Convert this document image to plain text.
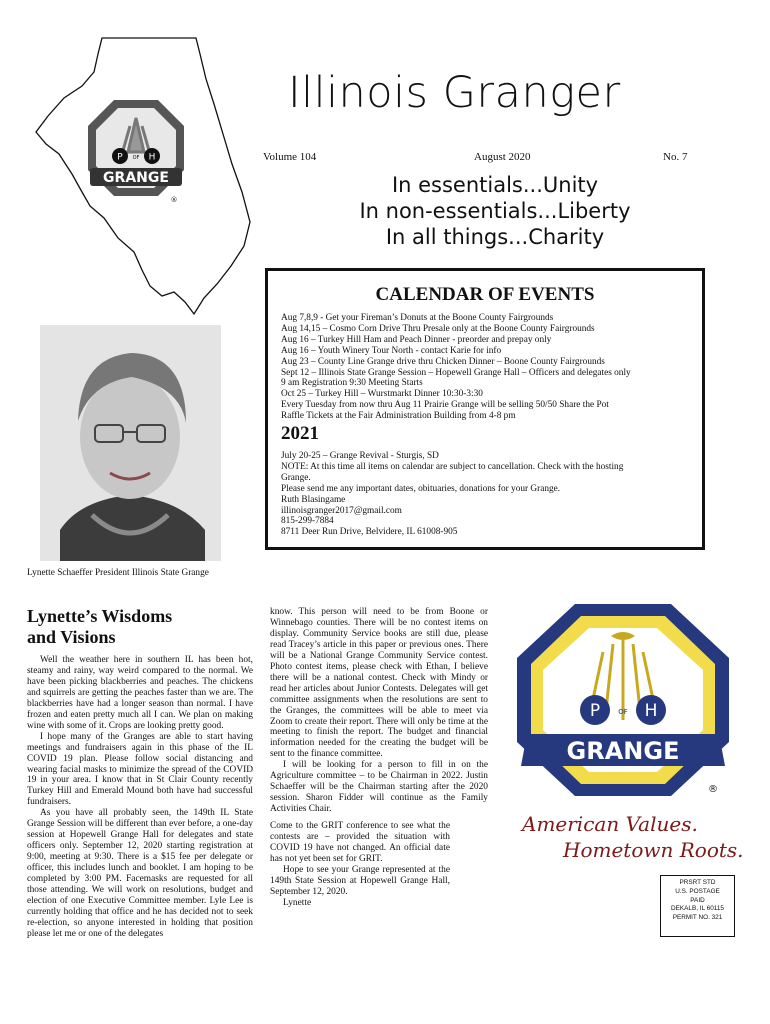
P OF H
GRANGE
®
Illinois Granger
Volume 104	August 2020	No. 7
In essentials...Unity
In non-essentials...Liberty
In all things...Charity
CALENDAR OF EVENTS
Aug 7,8,9 - Get your Fireman’s Donuts at the Boone County Fairgrounds
Aug 14,15 – Cosmo Corn Drive Thru Presale only at the Boone County Fairgrounds
Aug 16 – Turkey Hill Ham and Peach Dinner - preorder and prepay only
Aug 16 – Youth Winery Tour North - contact Karie for info
Aug 23 – County Line Grange drive thru Chicken Dinner – Boone County Fairgrounds
Sept 12 – Illinois State Grange Session – Hopewell Grange Hall – Officers and delegates only
9 am Registration 9:30 Meeting Starts
Oct 25 – Turkey Hill – Wurstmarkt Dinner 10:30-3:30
Every Tuesday from now thru Aug 11 Prairie Grange will be selling 50/50 Share the Pot
Raffle Tickets at the Fair Administration Building from 4-8 pm
2021
July 20-25 – Grange Revival - Sturgis, SD
NOTE: At this time all items on calendar are subject to cancellation. Check with the hosting
Grange.
Please send me any important dates, obituaries, donations for your Grange.
Ruth Blasingame
illinoisgranger2017@gmail.com
815-299-7884
8711 Deer Run Drive, Belvidere, IL 61008-905
Lynette Schaeffer President Illinois State Grange
Lynette’s Wisdoms
and Visions

Well the weather here in southern IL has been hot, steamy and rainy, way weird compared to the normal. We have been picking blackberries and peaches. The chickens and squirrels are getting the peaches faster than we are. The blackberries have had a longer season than normal. I have frozen and eaten pretty much all I can. We plan on making wine with some of it. Crops are looking pretty good.

I hope many of the Granges are able to start having meetings and fundraisers again in this phase of the IL COVID 19 plan. Please follow social distancing and wearing facial masks to minimize the spread of the COVID 19 in your area. I know that in St Clair County recently Turkey Hill and Emerald Mound both have had successful fundraisers.

As you have all probably seen, the 149th IL State Grange Session will be different than ever before, a one-day session at Hopewell Grange Hall for delegates and state officers only. September 12, 2020 starting registration at 9:00, meeting at 9:30. There is a $15 fee per delegate or officer, this includes lunch and booklet. I am hoping to be completed by 3:00 PM. Facemasks are requested for all those attending. We will work on resolutions, budget and election of one Executive Committee member. Lyle Lee is currently holding that office and he has decided not to seek re-election, so anyone interested in holding that position please let me or one of the delegates

know. This person will need to be from Boone or Winnebago counties. There will be no contest items on display. Community Service books are still due, please read Tracey’s article in this paper or previous ones. There will be a National Grange Community Service contest. Photo contest items, please check with Ethan, I believe there will be a national contest. Check with Mindy or read her articles about Junior Contests. Delegates will get committee assignments when the resolutions are sent to the Granges, the committees will be able to meet via Zoom to create their report. There will only be time at the meeting to finish the report. The budget and financial information needed for the creating the budget will be sent to the finance committee.

I will be looking for a person to fill in on the Agriculture committee – to be Chairman in 2022. Justin Schaeffer will be the Chairman starting after the 2020 session. Sharon Fidder will continue as the Family Activities Chair.

Come to the GRIT conference to see what the contests are – provided the situation with COVID 19 have not changed. An official date has not yet been set for GRIT.

Hope to see your Grange represented at the 149th State Session at Hopewell Grange Hall, September 12, 2020.

Lynette

P	OF H
GRANGE
®
American Values.
Hometown Roots.
PRSRT STD
U.S. POSTAGE
PAID
DEKALB, IL 60115
PERMIT NO. 321
